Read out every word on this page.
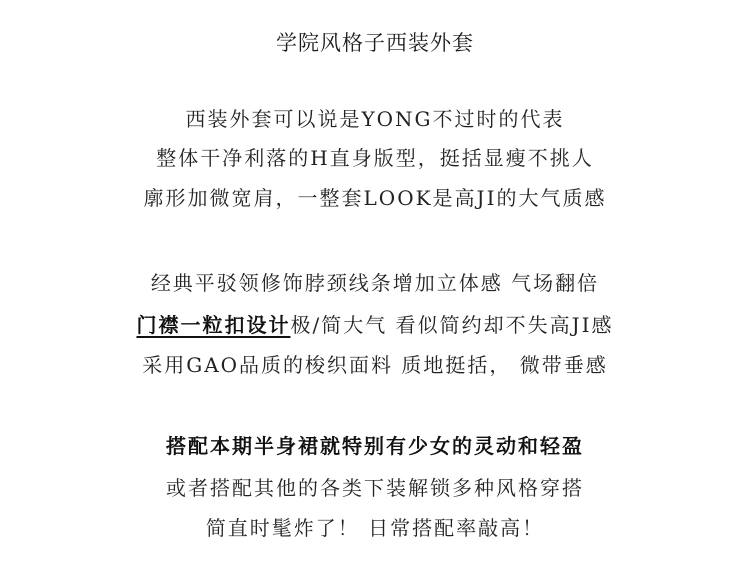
学院风格子西装外套
西装外套可以说是YONG不过时的代表
整体干净利落的H直身版型，挺括显瘦不挑人
廓形加微宽肩，一整套LOOK是高JI的大气质感
经典平驳领修饰脖颈线条增加立体感 气场翻倍
门襟一粒扣设计极/简大气 看似简约却不失高JI感
采用GAO品质的梭织面料 质地挺括， 微带垂感
搭配本期半身裙就特别有少女的灵动和轻盈
或者搭配其他的各类下装解锁多种风格穿搭
简直时髦炸了！ 日常搭配率敲高！
